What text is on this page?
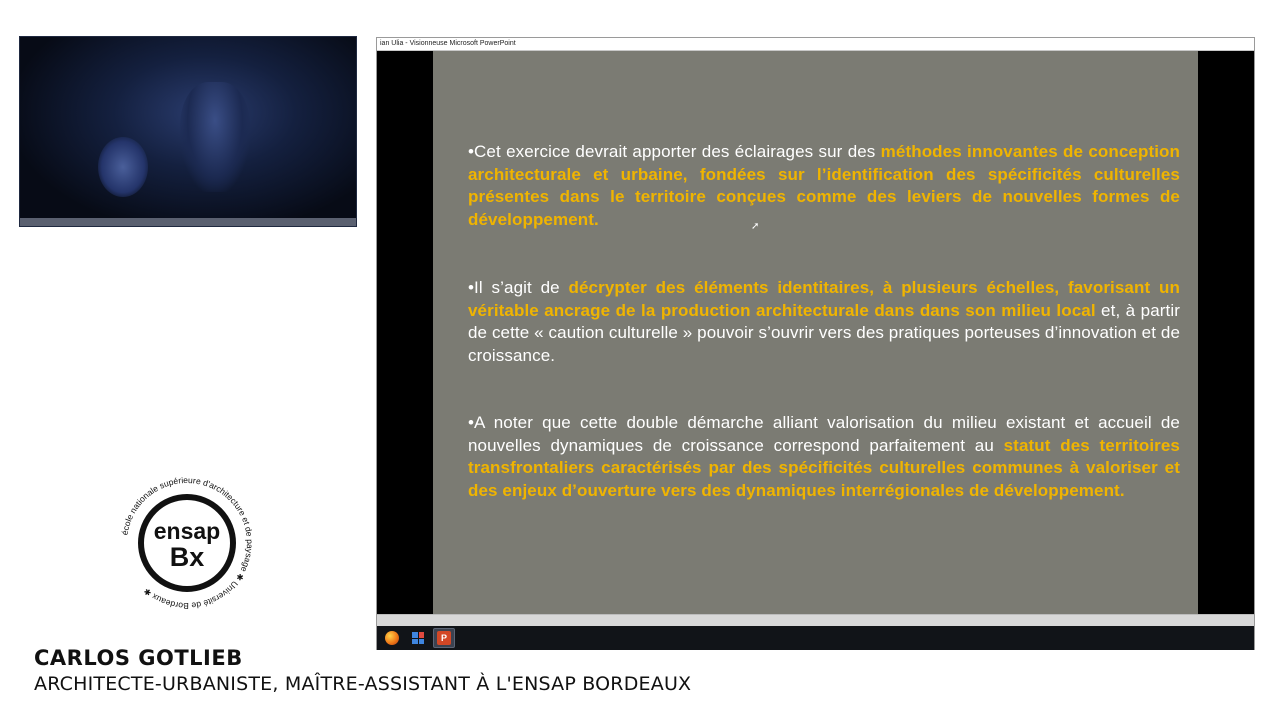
ian Ulia - Visionneuse Microsoft PowerPoint
•Cet exercice devrait apporter des éclairages sur des méthodes innovantes de conception architecturale et urbaine, fondées sur l’identification des spécificités culturelles présentes dans le territoire conçues comme des leviers de nouvelles formes de développement.
•Il s’agit de décrypter des éléments identitaires, à plusieurs échelles, favorisant un véritable ancrage de la production architecturale dans dans son milieu local et, à partir de cette « caution culturelle » pouvoir s’ouvrir vers des pratiques porteuses d’innovation et de croissance.
•A noter que cette double démarche alliant valorisation du milieu existant et accueil de nouvelles dynamiques de croissance correspond parfaitement au statut des territoires transfrontaliers caractérisés par des spécificités culturelles communes à valoriser et des enjeux d’ouverture vers des dynamiques interrégionales de développement.
➚
P
école nationale supérieure d'architecture et de paysage ✱ Université de Bordeaux ✱
ensap
Bx
CARLOS GOTLIEB
ARCHITECTE-URBANISTE, MAÎTRE-ASSISTANT À L'ENSAP BORDEAUX
